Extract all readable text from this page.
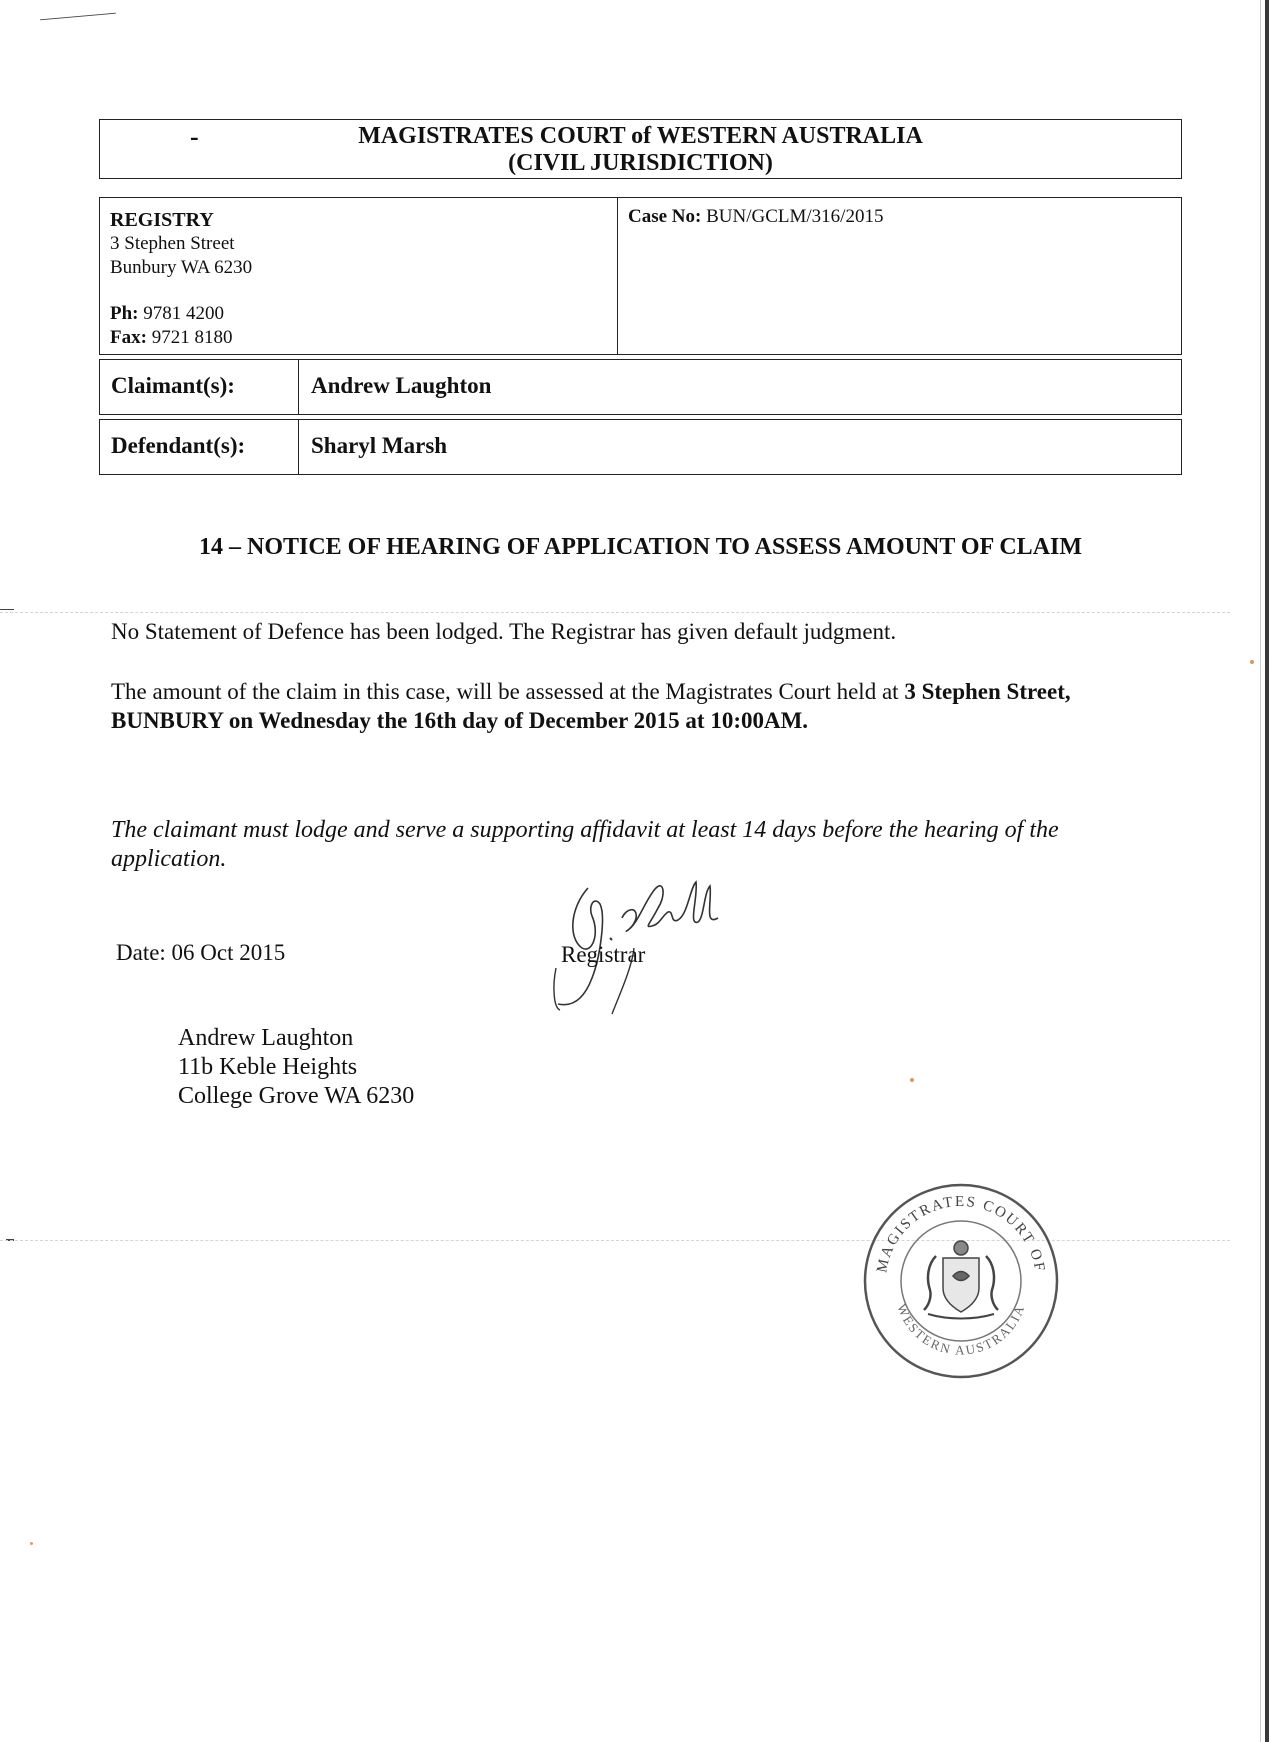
-	MAGISTRATES COURT of WESTERN AUSTRALIA
(CIVIL JURISDICTION)
REGISTRY
3 Stephen Street
Bunbury WA 6230
Ph: 9781 4200
Fax: 9721 8180
Case No: BUN/GCLM/316/2015
Claimant(s):	Andrew Laughton
Defendant(s):	Sharyl Marsh
14 – NOTICE OF HEARING OF APPLICATION TO ASSESS AMOUNT OF CLAIM
No Statement of Defence has been lodged. The Registrar has given default judgment.
The amount of the claim in this case, will be assessed at the Magistrates Court held at 3 Stephen Street, BUNBURY on Wednesday the 16th day of December 2015 at 10:00AM.
The claimant must lodge and serve a supporting affidavit at least 14 days before the hearing of the application.
Date: 06 Oct 2015	Registrar
Andrew Laughton
11b Keble Heights
College Grove WA 6230
MAGISTRATES COURT OF
WESTERN AUSTRALIA
